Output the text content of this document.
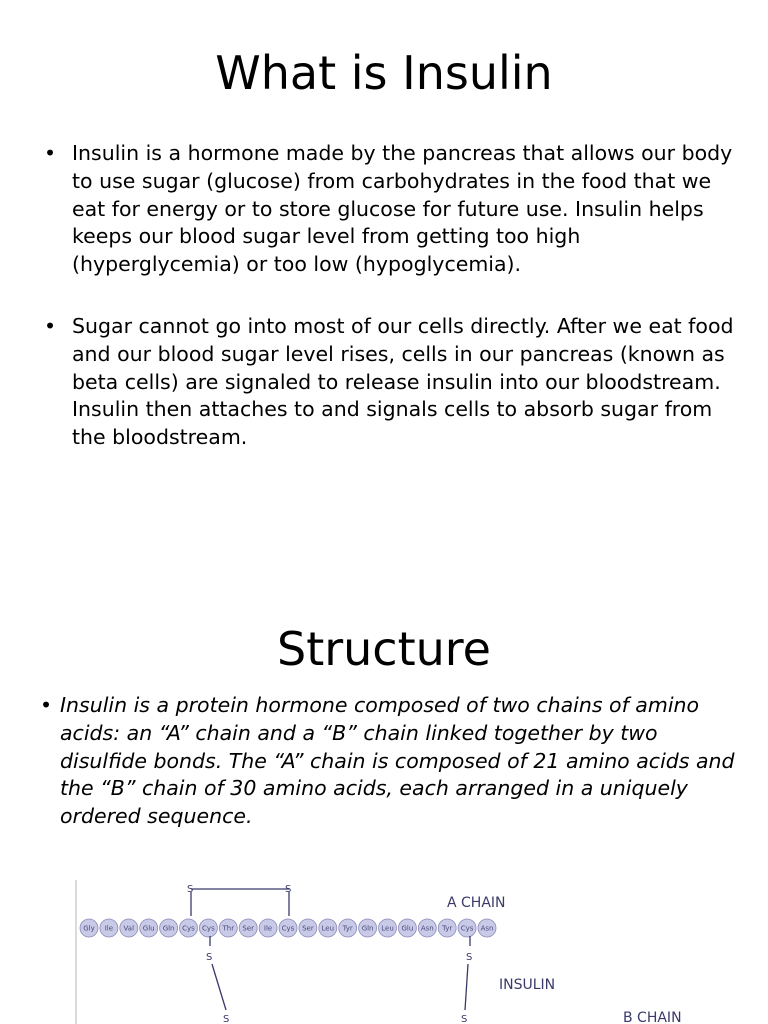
What is Insulin
• Insulin is a hormone made by the pancreas that allows our body to use sugar (glucose) from carbohydrates in the food that we eat for energy or to store glucose for future use. Insulin helps keeps our blood sugar level from getting too high (hyperglycemia) or too low (hypoglycemia).
• Sugar cannot go into most of our cells directly. After we eat food and our blood sugar level rises, cells in our pancreas (known as beta cells) are signaled to release insulin into our bloodstream. Insulin then attaches to and signals cells to absorb sugar from the bloodstream.
Structure
• Insulin is a protein hormone composed of two chains of amino acids: an “A” chain and a “B” chain linked together by two disulfide bonds. The “A” chain is composed of 21 amino acids and the “B” chain of 30 amino acids, each arranged in a uniquely ordered sequence.
Gly Ile Val Glu Gln Cys Cys Thr Ser Ile Cys Ser Leu Tyr Gln Leu Glu Asn Tyr Cys Asn
S	S
S	S
S	S
A CHAIN
INSULIN
B CHAIN
